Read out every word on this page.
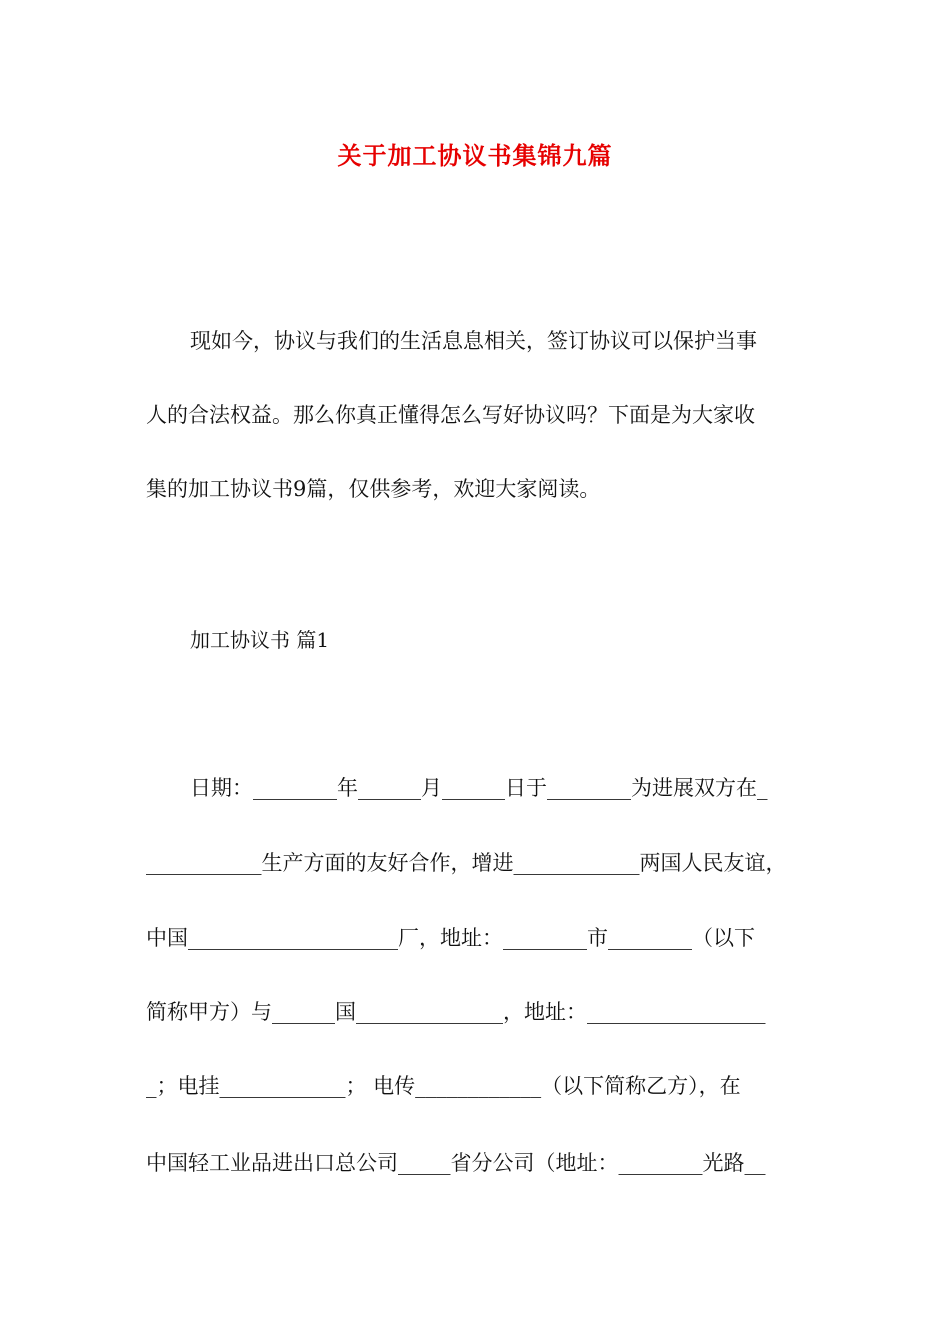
关于加工协议书集锦九篇
现如今，协议与我们的生活息息相关，签订协议可以保护当事
人的合法权益。那么你真正懂得怎么写好协议吗？下面是为大家收
集的加工协议书9篇，仅供参考，欢迎大家阅读。
加工协议书 篇1
日期：________年______月______日于________为进展双方在_
___________生产方面的友好合作，增进____________两国人民友谊，
中国____________________厂，地址：________市________（以下
简称甲方）与______国______________，地址：_________________
_；电挂____________； 电传____________（以下简称乙方），在
中国轻工业品进出口总公司_____省分公司（地址：________光路__
